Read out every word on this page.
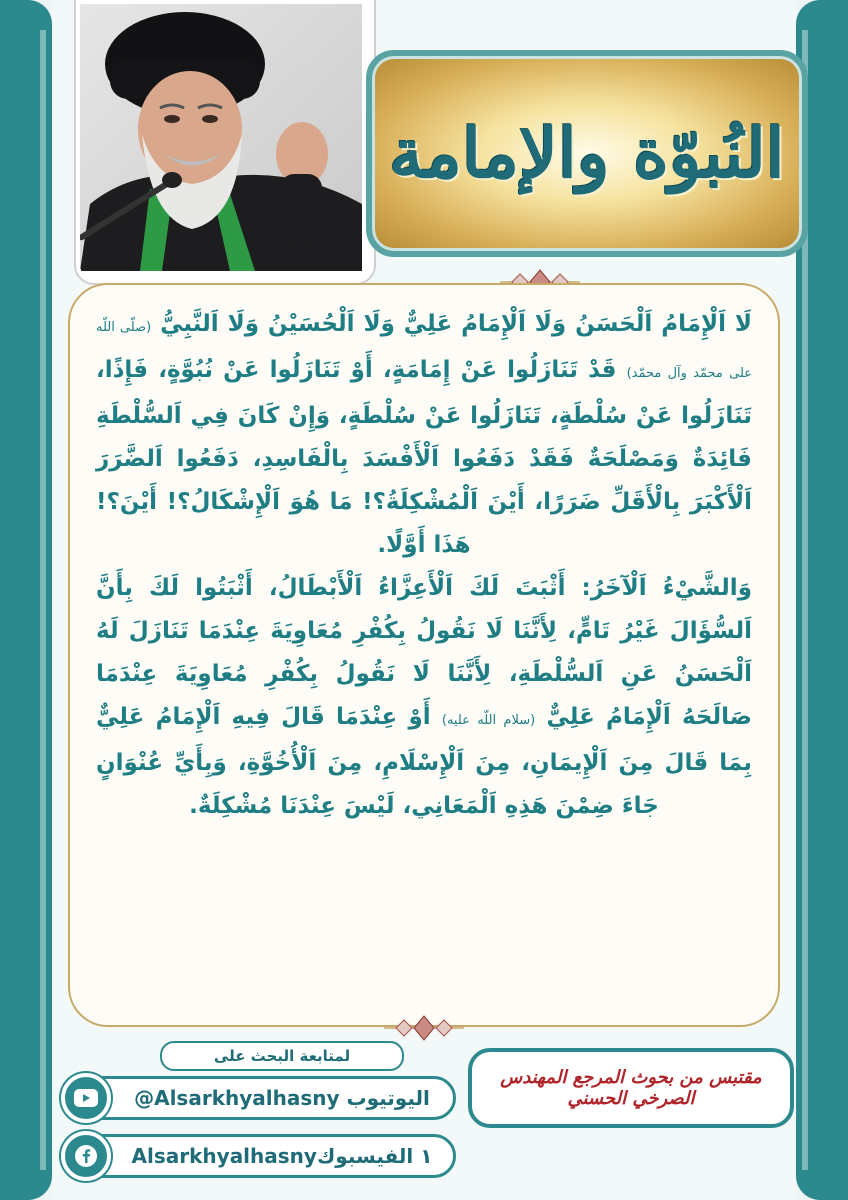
النُبوّة والإمامة

لَا اَلْإِمَامُ اَلْحَسَنُ وَلَا اَلْإِمَامُ عَلِيٌّ وَلَا اَلْحُسَيْنُ وَلَا اَلنَّبِيُّ (صلّى اللّه على محمّد وآل محمّد) قَدْ تَنَازَلُوا عَنْ إِمَامَةٍ، أَوْ تَنَازَلُوا عَنْ نُبُوَّةٍ، فَإِذًا، تَنَازَلُوا عَنْ سُلْطَةٍ، تَنَازَلُوا عَنْ سُلْطَةٍ، وَإِنْ كَانَ فِي اَلسُّلْطَةِ فَائِدَةٌ وَمَصْلَحَةٌ فَقَدْ دَفَعُوا اَلْأَفْسَدَ بِالْفَاسِدِ، دَفَعُوا اَلضَّرَرَ اَلْأَكْبَرَ بِالْأَقَلِّ ضَرَرًا، أَيْنَ اَلْمُشْكِلَةُ؟! مَا هُوَ اَلْإِشْكَالُ؟! أَيْنَ؟! هَذَا أَوَّلًا.

وَالشَّيْءُ اَلْآخَرُ: أَثْبَتَ لَكَ اَلْأَعِزَّاءُ اَلْأَبْطَالُ، أَثْبَتُوا لَكَ بِأَنَّ اَلسُّؤَالَ غَيْرُ تَامٍّ، لِأَنَّنَا لَا نَقُولُ بِكُفْرِ مُعَاوِيَةَ عِنْدَمَا تَنَازَلَ لَهُ اَلْحَسَنُ عَنِ اَلسُّلْطَةِ، لِأَنَّنَا لَا نَقُولُ بِكُفْرِ مُعَاوِيَةَ عِنْدَمَا صَالَحَهُ اَلْإِمَامُ عَلِيٌّ (سلام اللّه عليه) أَوْ عِنْدَمَا قَالَ فِيهِ اَلْإِمَامُ عَلِيٌّ بِمَا قَالَ مِنَ اَلْإِيمَانِ، مِنَ اَلْإِسْلَامِ، مِنَ اَلْأُخُوَّةِ، وَبِأَيِّ عُنْوَانٍ جَاءَ ضِمْنَ هَذِهِ اَلْمَعَانِي، لَيْسَ عِنْدَنَا مُشْكِلَةٌ.

لمتابعة البحث على
@Alsarkhyalhasny اليوتيوب
Alsarkhyalhasny١ الفيسبوك
مقتبس من بحوث المرجع المهندس الصرخي الحسني
